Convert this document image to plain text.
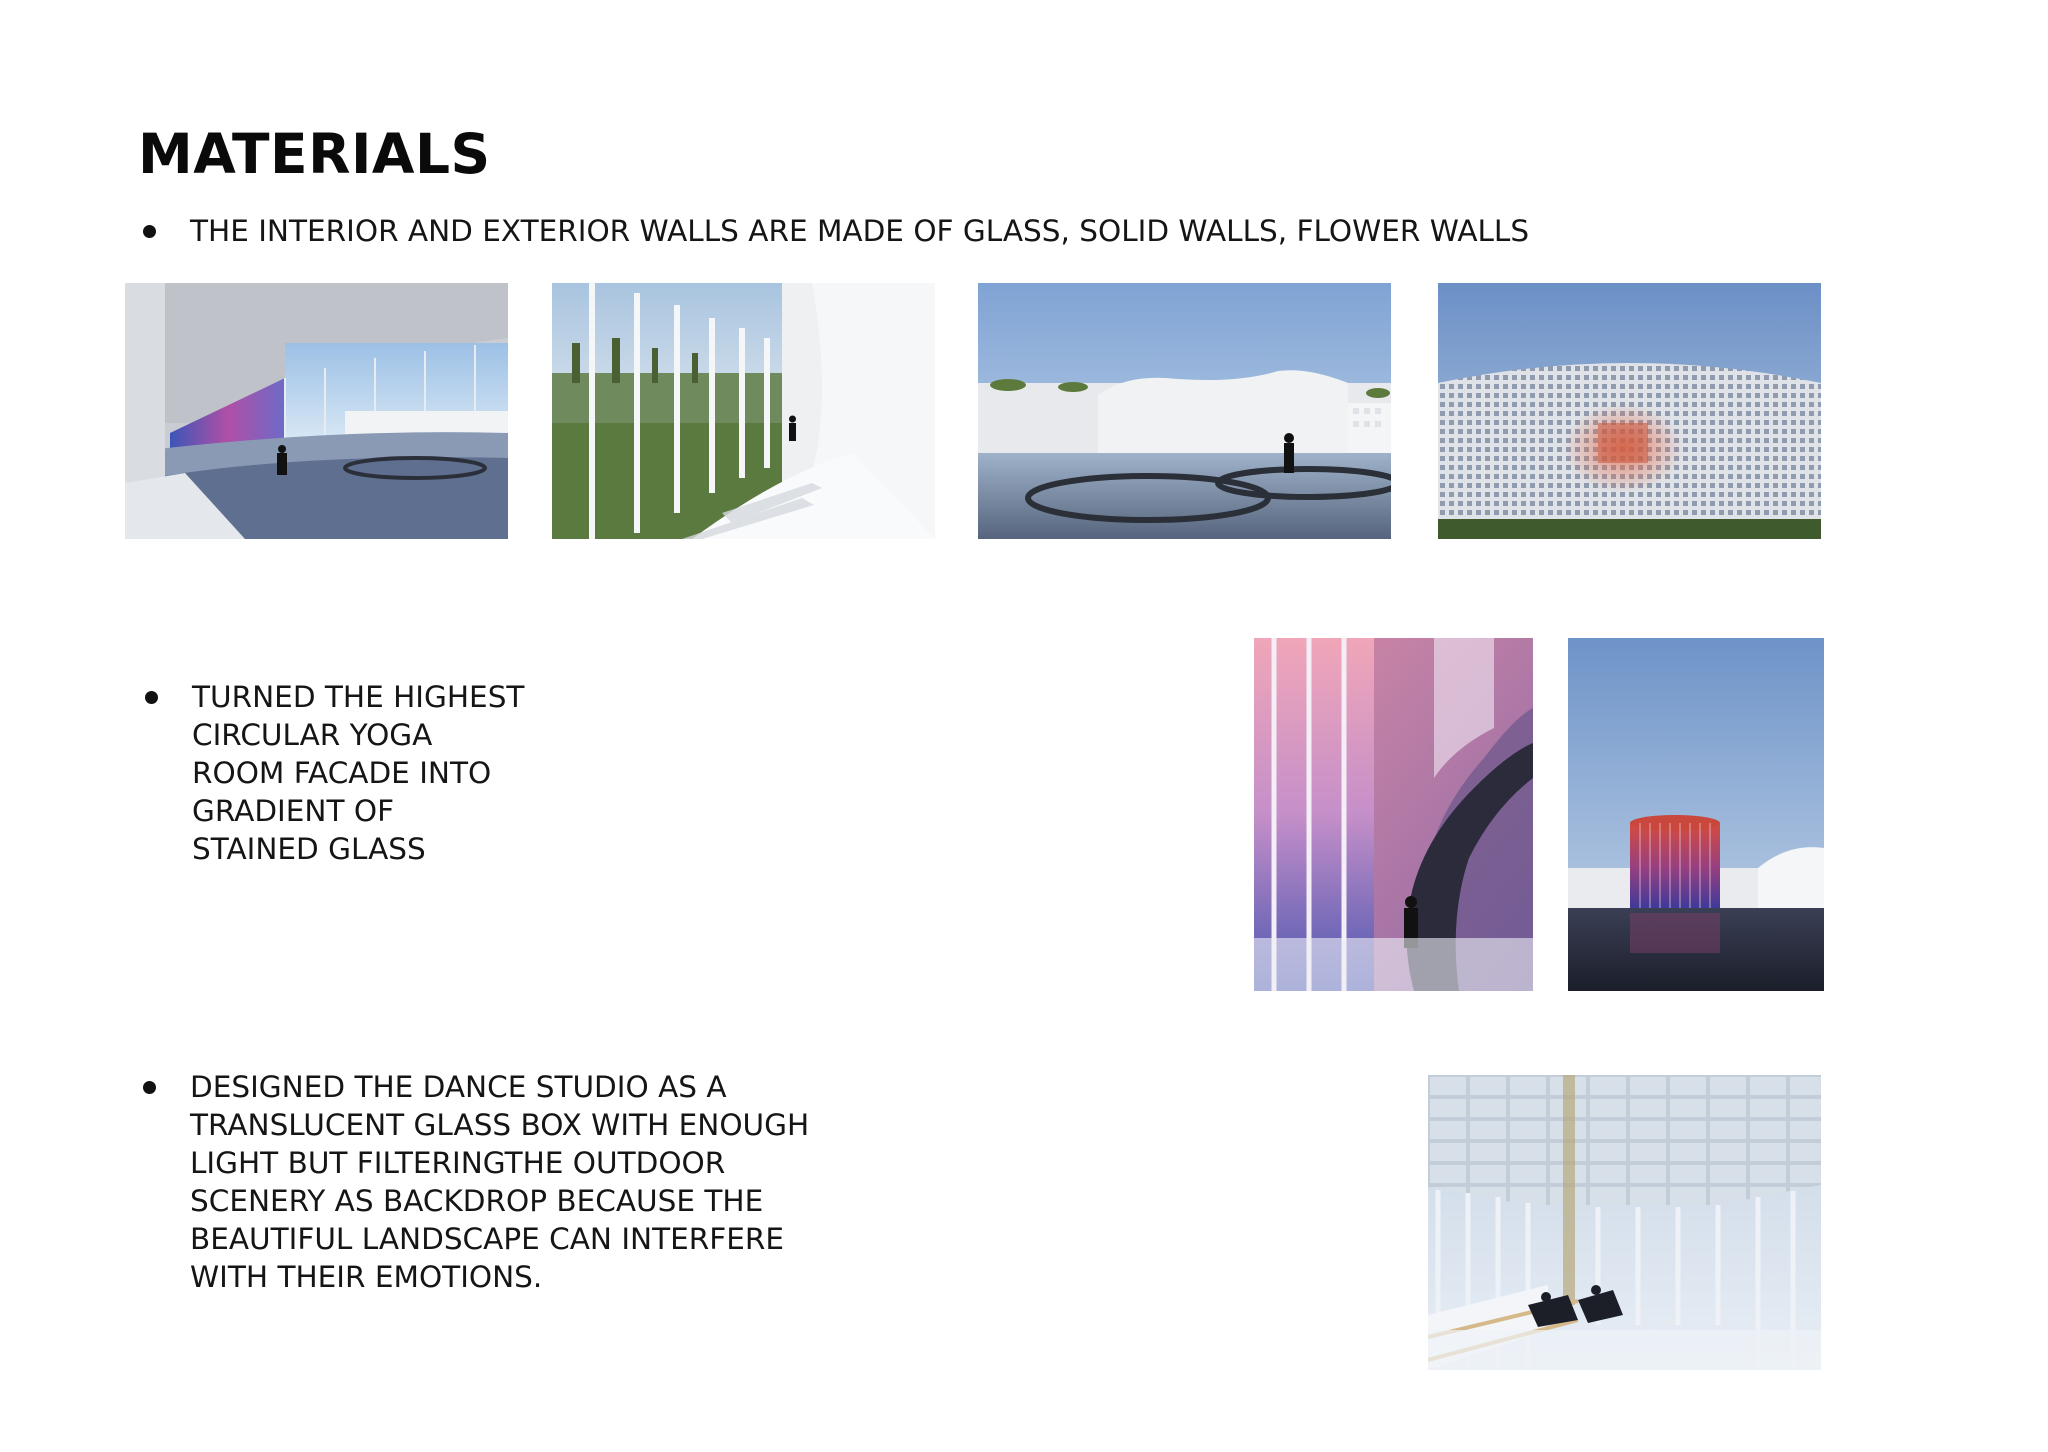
MATERIALS

THE INTERIOR AND EXTERIOR WALLS ARE MADE OF GLASS, SOLID WALLS, FLOWER WALLS

TURNED THE HIGHEST
CIRCULAR YOGA
ROOM FACADE INTO
GRADIENT OF
STAINED GLASS

DESIGNED THE DANCE STUDIO AS A
TRANSLUCENT GLASS BOX WITH ENOUGH
LIGHT BUT FILTERINGTHE OUTDOOR
SCENERY AS BACKDROP BECAUSE THE
BEAUTIFUL LANDSCAPE CAN INTERFERE
WITH THEIR EMOTIONS.
